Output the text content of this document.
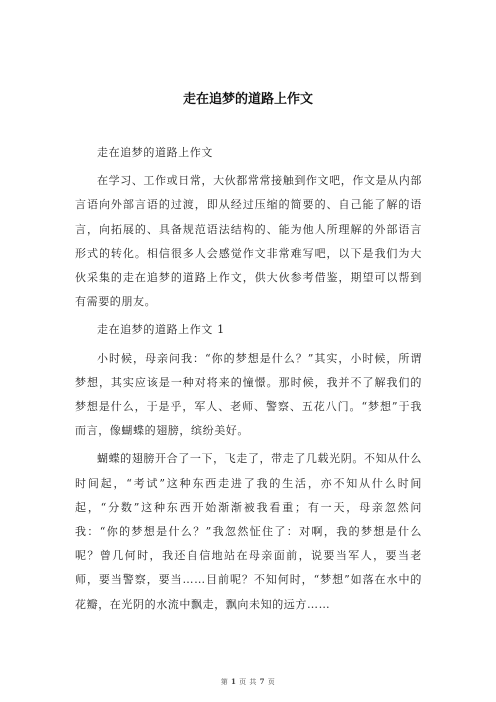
走在追梦的道路上作文

走在追梦的道路上作文

在学习、工作或日常，大伙都常常接触到作文吧，作文是从内部言语向外部言语的过渡，即从经过压缩的简要的、自己能了解的语言，向拓展的、具备规范语法结构的、能为他人所理解的外部语言形式的转化。相信很多人会感觉作文非常难写吧，以下是我们为大伙采集的走在追梦的道路上作文，供大伙参考借鉴，期望可以帮到有需要的朋友。

走在追梦的道路上作文 1

小时候，母亲问我：“你的梦想是什么？”其实，小时候，所谓梦想，其实应该是一种对将来的憧憬。那时候，我并不了解我们的梦想是什么，于是乎，军人、老师、警察、五花八门。“梦想”于我而言，像蝴蝶的翅膀，缤纷美好。

蝴蝶的翅膀开合了一下，飞走了，带走了几载光阴。不知从什么时间起，“考试”这种东西走进了我的生活，亦不知从什么时间起，“分数”这种东西开始渐渐被我看重；有一天，母亲忽然问我：“你的梦想是什么？”我忽然怔住了：对啊，我的梦想是什么呢？曾几何时，我还自信地站在母亲面前，说要当军人，要当老师，要当警察，要当……目前呢？不知何时，“梦想”如落在水中的花瓣，在光阴的水流中飘走，飘向未知的远方……

第 1 页 共 7 页
